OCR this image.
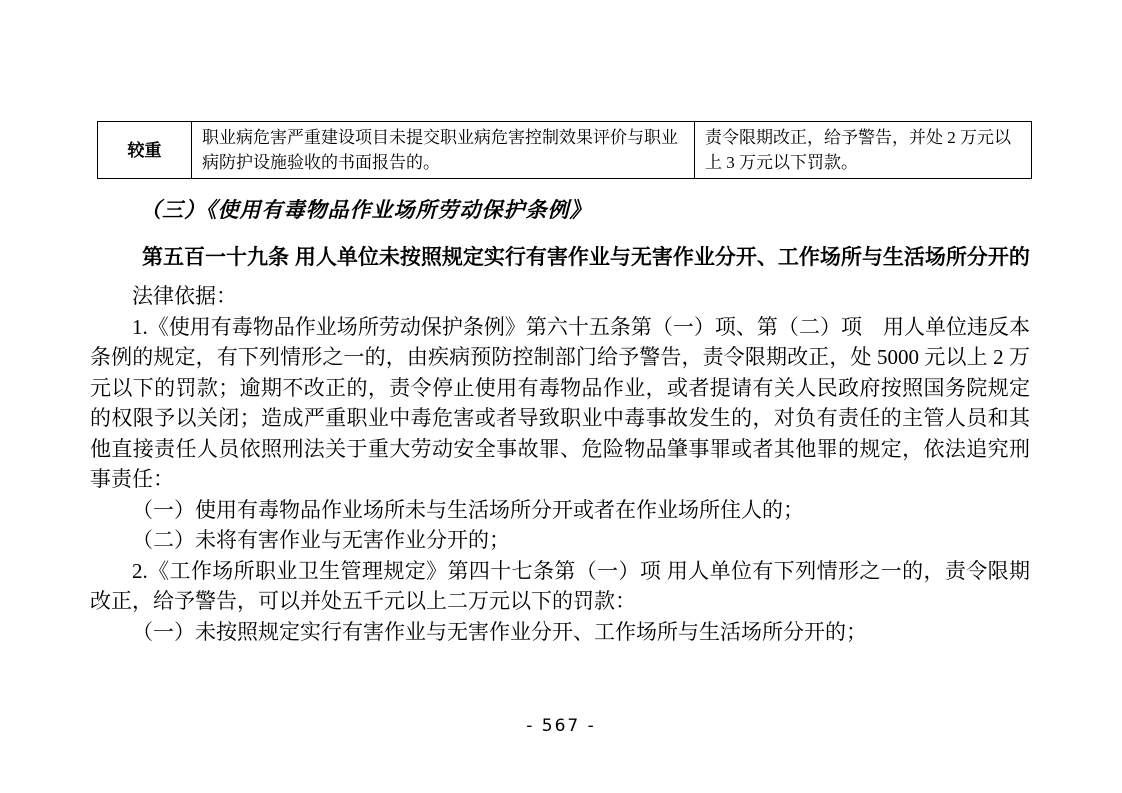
较重	职业病危害严重建设项目未提交职业病危害控制效果评价与职业病防护设施验收的书面报告的。	责令限期改正，给予警告，并处 2 万元以上 3 万元以下罚款。
（三）《使用有毒物品作业场所劳动保护条例》
第五百一十九条 用人单位未按照规定实行有害作业与无害作业分开、工作场所与生活场所分开的

法律依据：

1.《使用有毒物品作业场所劳动保护条例》第六十五条第（一）项、第（二）项　用人单位违反本条例的规定，有下列情形之一的，由疾病预防控制部门给予警告，责令限期改正，处 5000 元以上 2 万元以下的罚款；逾期不改正的，责令停止使用有毒物品作业，或者提请有关人民政府按照国务院规定的权限予以关闭；造成严重职业中毒危害或者导致职业中毒事故发生的，对负有责任的主管人员和其他直接责任人员依照刑法关于重大劳动安全事故罪、危险物品肇事罪或者其他罪的规定，依法追究刑事责任：

（一）使用有毒物品作业场所未与生活场所分开或者在作业场所住人的；

（二）未将有害作业与无害作业分开的；

2.《工作场所职业卫生管理规定》第四十七条第（一）项 用人单位有下列情形之一的，责令限期改正，给予警告，可以并处五千元以上二万元以下的罚款：

（一）未按照规定实行有害作业与无害作业分开、工作场所与生活场所分开的；

- 567 -
